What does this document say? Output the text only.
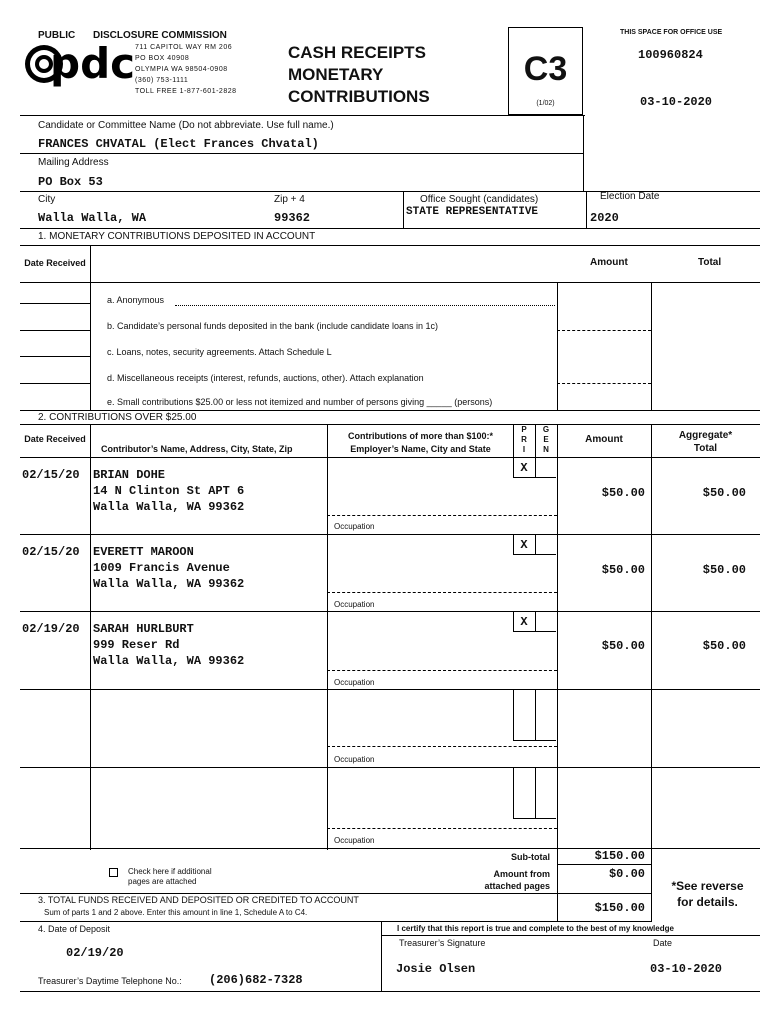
PUBLIC DISCLOSURE COMMISSION
pdc 711 CAPITOL WAY RM 206
PO BOX 40908
OLYMPIA WA 98504-0908
(360) 753-1111
TOLL FREE 1-877-601-2828
CASH RECEIPTS
MONETARY
CONTRIBUTIONS
C3
(1/02)
THIS SPACE FOR OFFICE USE
100960824
03-10-2020
Candidate or Committee Name (Do not abbreviate. Use full name.)
FRANCES CHVATAL (Elect Frances Chvatal)
Mailing Address
PO Box 53
City
Walla Walla, WA
Zip + 4
99362
Office Sought (candidates)
STATE REPRESENTATIVE
Election Date
2020
1. MONETARY CONTRIBUTIONS DEPOSITED IN ACCOUNT
Date Received	Amount	Total
a. Anonymous
b. Candidate’s personal funds deposited in the bank (include candidate loans in 1c)
c. Loans, notes, security agreements. Attach Schedule L
d. Miscellaneous receipts (interest, refunds, auctions, other). Attach explanation
e. Small contributions $25.00 or less not itemized and number of persons giving _____ (persons)
2. CONTRIBUTIONS OVER $25.00
Date Received
Contributor’s Name, Address, City, State, Zip
Contributions of more than $100:*
Employer’s Name, City and State
P
R
I
G
E
N
Amount	Aggregate*
Total
02/15/20 BRIAN DOHE
14 N Clinton St APT 6
Walla Walla, WA 99362
X
$50.00	$50.00
Occupation
02/15/20 EVERETT MAROON
1009 Francis Avenue
Walla Walla, WA 99362
X
$50.00	$50.00
Occupation
02/19/20 SARAH HURLBURT
999 Reser Rd
Walla Walla, WA 99362
X
$50.00	$50.00
Occupation
Occupation
Occupation
Check here if additional
pages are attached
Sub-total	$150.00
Amount from
attached pages
$0.00
3. TOTAL FUNDS RECEIVED AND DEPOSITED OR CREDITED TO ACCOUNT
Sum of parts 1 and 2 above. Enter this amount in line 1, Schedule A to C4.	$150.00
*See reverse
for details.
4. Date of Deposit
02/19/20
I certify that this report is true and complete to the best of my knowledge
Treasurer’s Signature	Date
Josie Olsen	03-10-2020
Treasurer’s Daytime Telephone No.: (206)682-7328
